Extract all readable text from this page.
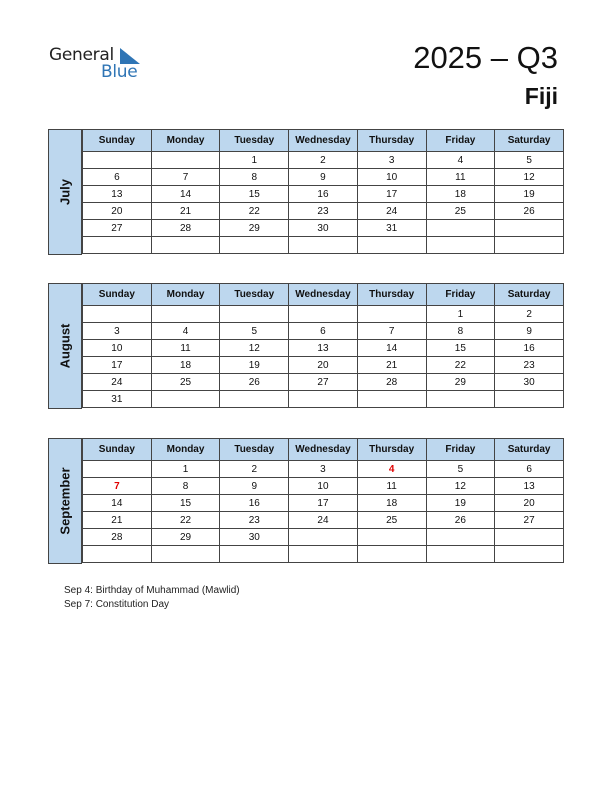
General
Blue	2025 – Q3
Fiji
July
Sunday	Monday	Tuesday	Wednesday	Thursday	Friday	Saturday
		1	2	3	4	5
6	7	8	9	10	11	12
13	14	15	16	17	18	19
20	21	22	23	24	25	26
27	28	29	30	31		

August
Sunday	Monday	Tuesday	Wednesday	Thursday	Friday	Saturday
					1	2
3	4	5	6	7	8	9
10	11	12	13	14	15	16
17	18	19	20	21	22	23
24	25	26	27	28	29	30
31						
September
Sunday	Monday	Tuesday	Wednesday	Thursday	Friday	Saturday
	1	2	3	4	5	6
7	8	9	10	11	12	13
14	15	16	17	18	19	20
21	22	23	24	25	26	27
28	29	30				

Sep 4: Birthday of Muhammad (Mawlid)
Sep 7: Constitution Day
